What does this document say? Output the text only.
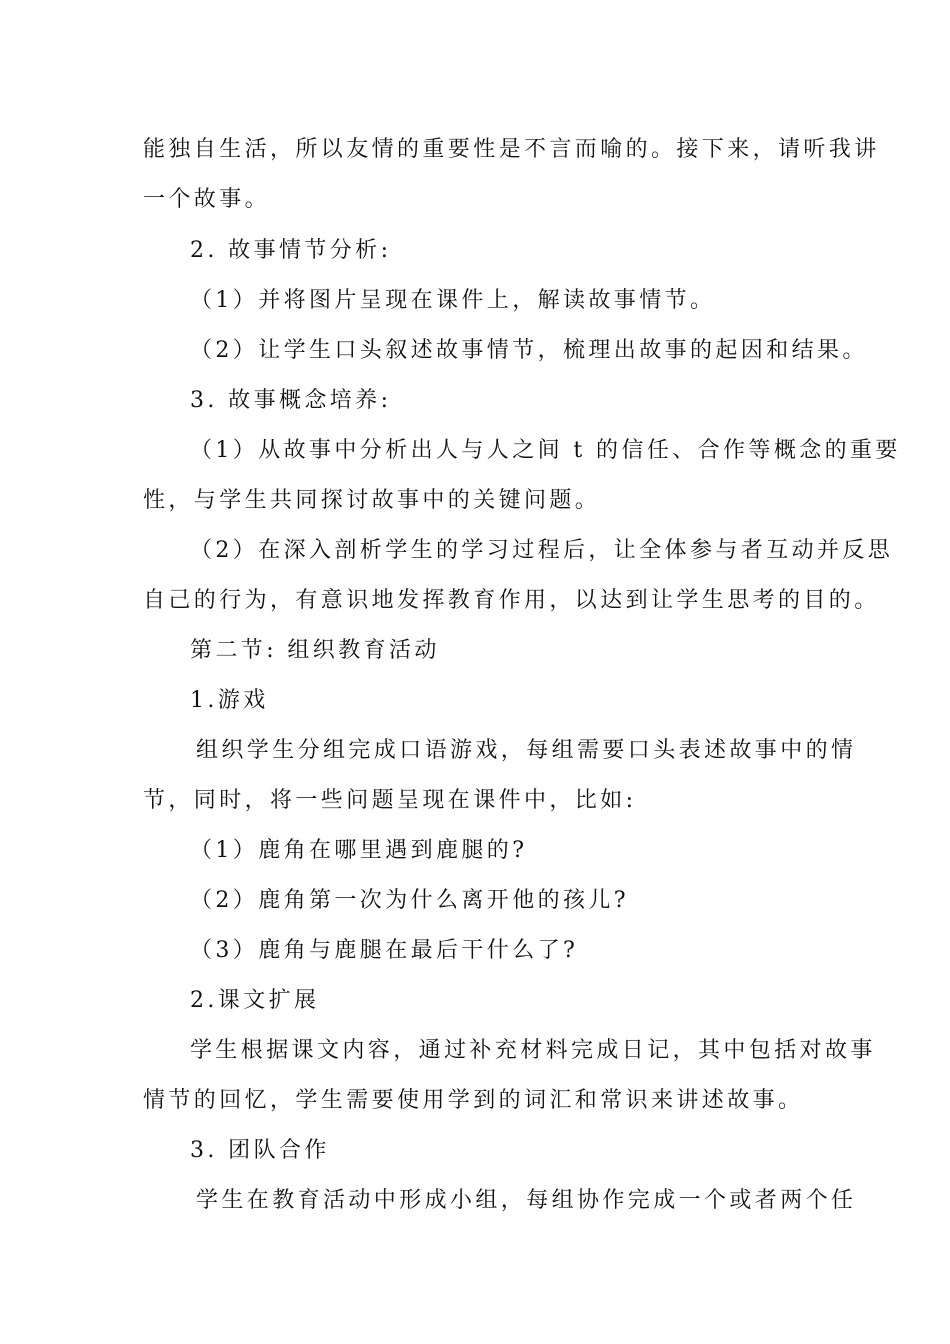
能独自生活，所以友情的重要性是不言而喻的。接下来，请听我讲
一个故事。
2. 故事情节分析:
（1）并将图片呈现在课件上，解读故事情节。
（2）让学生口头叙述故事情节，梳理出故事的起因和结果。
3. 故事概念培养:
（1）从故事中分析出人与人之间 t 的信任、合作等概念的重要
性，与学生共同探讨故事中的关键问题。
（2）在深入剖析学生的学习过程后，让全体参与者互动并反思
自己的行为，有意识地发挥教育作用，以达到让学生思考的目的。
第二节: 组织教育活动
1.游戏
组织学生分组完成口语游戏，每组需要口头表述故事中的情
节，同时，将一些问题呈现在课件中，比如:
（1）鹿角在哪里遇到鹿腿的?
（2）鹿角第一次为什么离开他的孩儿?
（3）鹿角与鹿腿在最后干什么了?
2.课文扩展
学生根据课文内容，通过补充材料完成日记，其中包括对故事
情节的回忆，学生需要使用学到的词汇和常识来讲述故事。
3. 团队合作
学生在教育活动中形成小组，每组协作完成一个或者两个任
